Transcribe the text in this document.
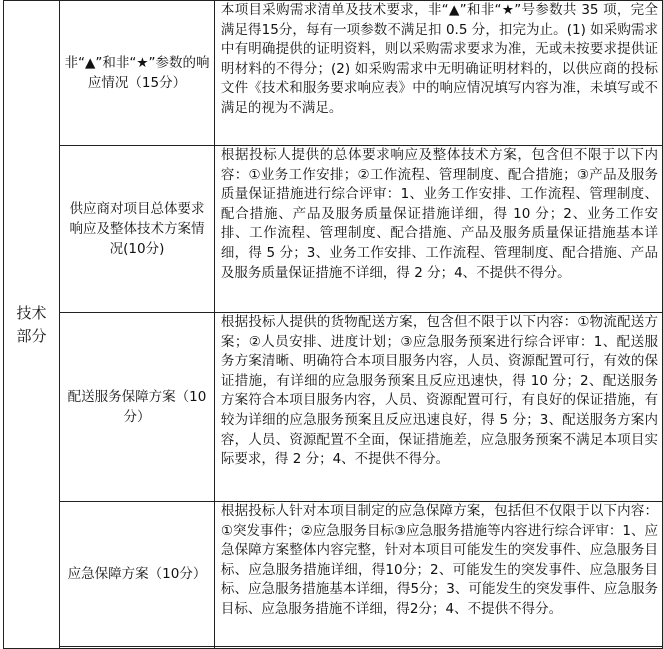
技术
部分	非“▲”和非“★”参数的响应情况（15分）	本项目采购需求清单及技术要求，非“▲”和非“★”号参数共 35 项，完全满足得15分，每有一项参数不满足扣 0.5 分，扣完为止。(1) 如采购需求中有明确提供的证明资料，则以采购需求要求为准，无或未按要求提供证明材料的不得分；(2) 如采购需求中无明确证明材料的，以供应商的投标文件《技术和服务要求响应表》中的响应情况填写内容为准，未填写或不满足的视为不满足。

	供应商对项目总体要求响应及整体技术方案情况(10分)	根据投标人提供的总体要求响应及整体技术方案，包含但不限于以下内容：①业务工作安排；②工作流程、管理制度、配合措施；③产品及服务质量保证措施进行综合评审：1、业务工作安排、工作流程、管理制度、配合措施、产品及服务质量保证措施详细，得 10 分；2、业务工作安排、工作流程、管理制度、配合措施、产品及服务质量保证措施基本详细，得 5 分；3、业务工作安排、工作流程、管理制度、配合措施、产品及服务质量保证措施不详细，得 2 分；4、不提供不得分。

	配送服务保障方案（10分）	根据投标人提供的货物配送方案，包含但不限于以下内容：①物流配送方案；②人员安排、进度计划；③应急服务预案进行综合评审：1、配送服务方案清晰、明确符合本项目服务内容，人员、资源配置可行，有效的保证措施，有详细的应急服务预案且反应迅速快，得 10 分；2、配送服务方案符合本项目服务内容，人员、资源配置可行，有良好的保证措施，有较为详细的应急服务预案且反应迅速良好，得 5 分；3、配送服务方案内容，人员、资源配置不全面，保证措施差，应急服务预案不满足本项目实际要求，得 2 分；4、不提供不得分。

	应急保障方案（10分）	根据投标人针对本项目制定的应急保障方案，包括但不仅限于以下内容：①突发事件；②应急服务目标③应急服务措施等内容进行综合评审：1、应急保障方案整体内容完整，针对本项目可能发生的突发事件、应急服务目标、应急服务措施详细，得10分；2、可能发生的突发事件、应急服务目标、应急服务措施基本详细，得5分；3、可能发生的突发事件、应急服务目标、应急服务措施不详细，得2分；4、不提供不得分。
